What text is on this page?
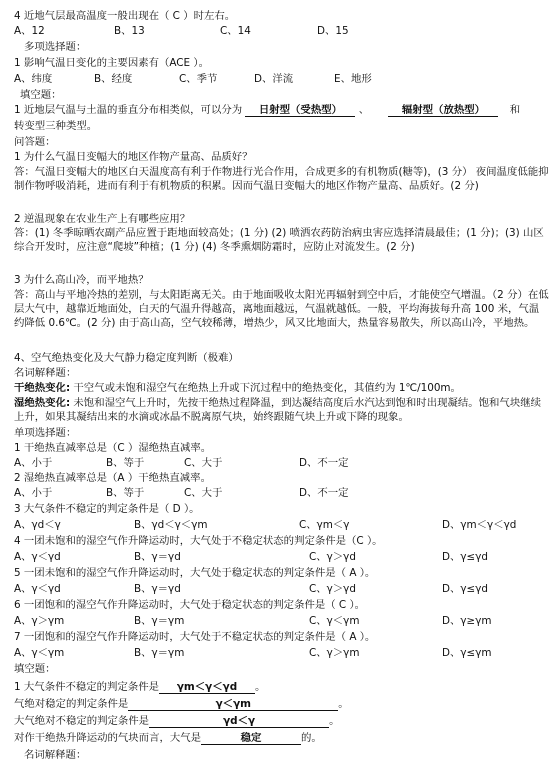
4 近地气层最高温度一般出现在（ C ）时左右。
A、12	B、13	C、14	D、15
多项选择题：
1 影响气温日变化的主要因素有（ACE ）。
A、纬度	B、经度	C、季节	D、洋流	E、地形
填空题：
1 近地层气温与土温的垂直分布相类似，可以分为 日射型（受热型） 、	辐射型（放热型） 和
转变型三种类型。
问答题：
1 为什么气温日变幅大的地区作物产量高、品质好？
答：气温日变幅大的地区白天温度高有利于作物进行光合作用，合成更多的有机物质(糖等)，(3 分） 夜间温度低能抑制作物呼吸消耗，进而有利于有机物质的积累。因而气温日变幅大的地区作物产量高、品质好。(2 分)
2 逆温现象在农业生产上有哪些应用？
答：(1) 冬季晾晒农副产品应置于距地面较高处；(1 分) (2) 喷洒农药防治病虫害应选择清晨最佳；(1 分)；(3) 山区综合开发时，应注意“爬坡”种植；(1 分) (4) 冬季熏烟防霜时，应防止对流发生。(2 分)
3 为什么高山冷，而平地热？
答：高山与平地冷热的差别，与太阳距离无关。由于地面吸收太阳光再辐射到空中后，才能使空气增温。（2 分）在低层大气中，越靠近地面处，白天的气温升得越高，离地面越远，气温就越低。一般，平均海拔每升高 100 米，气温约降低 0.6℃。(2 分) 由于高山高，空气较稀薄，增热少，风又比地面大，热量容易散失，所以高山冷，平地热。
4、空气绝热变化及大气静力稳定度判断（极难）
名词解释题：
干绝热变化: 干空气或未饱和湿空气在绝热上升或下沉过程中的绝热变化，其值约为 1℃/100m。
湿绝热变化: 未饱和湿空气上升时，先按干绝热过程降温，到达凝结高度后水汽达到饱和时出现凝结。饱和气块继续上升，如果其凝结出来的水滴或冰晶不脱离原气块，始终跟随气块上升或下降的现象。
单项选择题：
1 干绝热直减率总是（C ）湿绝热直减率。
A、小于	B、等于	C、大于	D、不一定
2 湿绝热直减率总是（A ）干绝热直减率。
A、小于	B、等于	C、大于	D、不一定
3 大气条件不稳定的判定条件是（ D ）。
A、γd＜γ	B、γd＜γ＜γm	C、γm＜γ	D、γm＜γ＜γd
4 一团未饱和的湿空气作升降运动时，大气处于不稳定状态的判定条件是（C ）。
A、γ＜γd	B、γ＝γd	C、γ＞γd	D、γ≤γd
5 一团未饱和的湿空气作升降运动时，大气处于稳定状态的判定条件是（ A ）。
A、γ＜γd	B、γ＝γd	C、γ＞γd	D、γ≤γd
6 一团饱和的湿空气作升降运动时，大气处于稳定状态的判定条件是（ C ）。
A、γ＞γm	B、γ＝γm	C、γ＜γm	D、γ≥γm
7 一团饱和的湿空气作升降运动时，大气处于不稳定状态的判定条件是（ A ）。
A、γ＜γm	B、γ＝γm	C、γ＞γm	D、γ≤γm
填空题：
1 大气条件不稳定的判定条件是 γm＜γ＜γd 。
气绝对稳定的判定条件是	γ＜γm	。
大气绝对不稳定的判定条件是	γd＜γ	。
对作干绝热升降运动的气块而言，大气是	稳定	的。
名词解释题：
